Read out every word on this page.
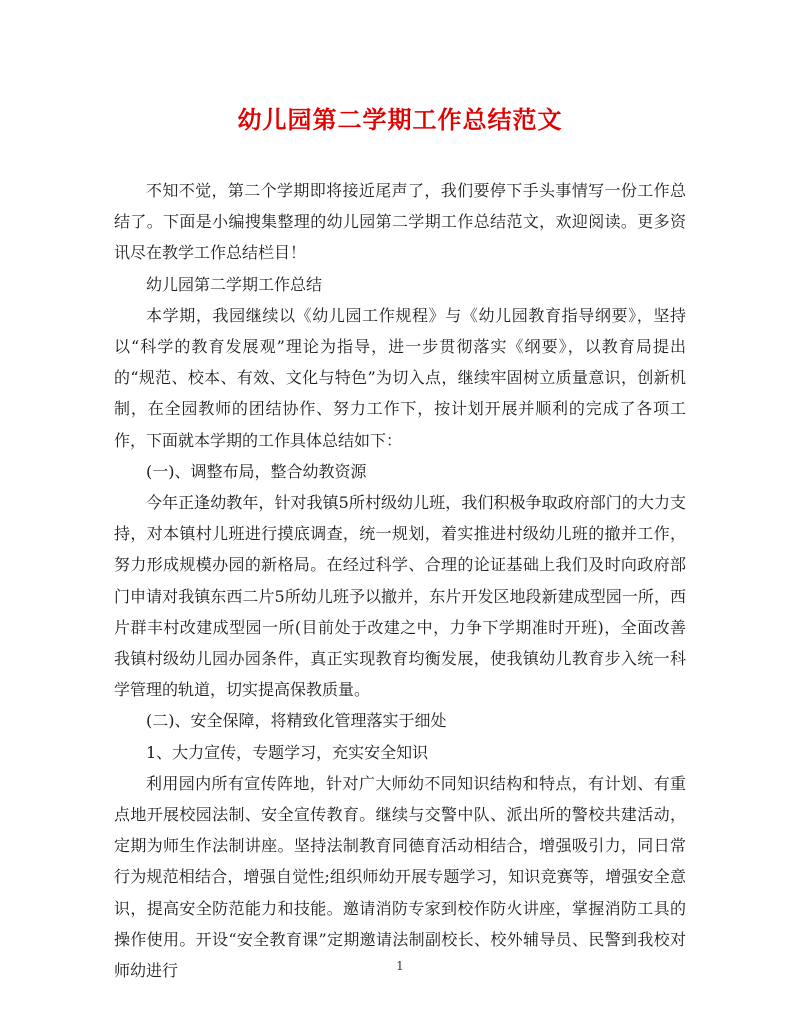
幼儿园第二学期工作总结范文

不知不觉，第二个学期即将接近尾声了，我们要停下手头事情写一份工作总结了。下面是小编搜集整理的幼儿园第二学期工作总结范文，欢迎阅读。更多资讯尽在教学工作总结栏目！

幼儿园第二学期工作总结

本学期，我园继续以《幼儿园工作规程》与《幼儿园教育指导纲要》，坚持以“科学的教育发展观”理论为指导，进一步贯彻落实《纲要》，以教育局提出的“规范、校本、有效、文化与特色”为切入点，继续牢固树立质量意识，创新机制，在全园教师的团结协作、努力工作下，按计划开展并顺利的完成了各项工作，下面就本学期的工作具体总结如下：

(一)、调整布局，整合幼教资源

今年正逢幼教年，针对我镇5所村级幼儿班，我们积极争取政府部门的大力支持，对本镇村儿班进行摸底调查，统一规划，着实推进村级幼儿班的撤并工作，努力形成规模办园的新格局。在经过科学、合理的论证基础上我们及时向政府部门申请对我镇东西二片5所幼儿班予以撤并，东片开发区地段新建成型园一所，西片群丰村改建成型园一所(目前处于改建之中，力争下学期准时开班)，全面改善我镇村级幼儿园办园条件，真正实现教育均衡发展，使我镇幼儿教育步入统一科学管理的轨道，切实提高保教质量。

(二)、安全保障，将精致化管理落实于细处

1、大力宣传，专题学习，充实安全知识

利用园内所有宣传阵地，针对广大师幼不同知识结构和特点，有计划、有重点地开展校园法制、安全宣传教育。继续与交警中队、派出所的警校共建活动，定期为师生作法制讲座。坚持法制教育同德育活动相结合，增强吸引力，同日常行为规范相结合，增强自觉性;组织师幼开展专题学习，知识竞赛等，增强安全意识，提高安全防范能力和技能。邀请消防专家到校作防火讲座，掌握消防工具的操作使用。开设“安全教育课”定期邀请法制副校长、校外辅导员、民警到我校对师幼进行	1
